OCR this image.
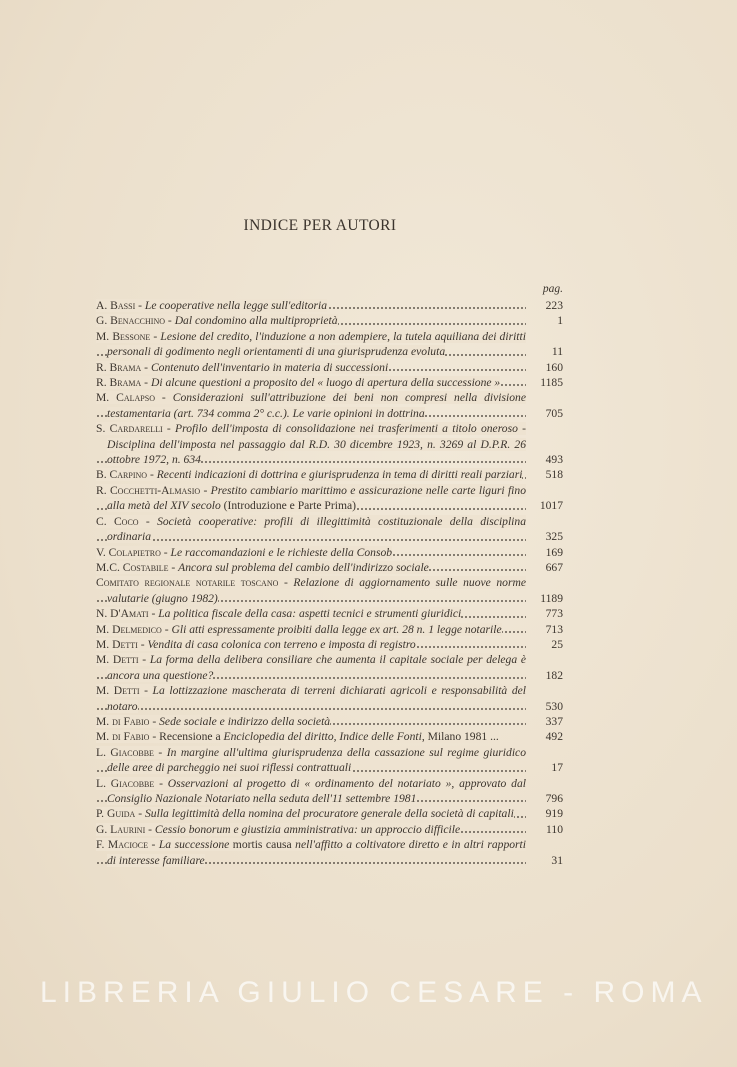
INDICE PER AUTORI
pag.
A. Bassi - Le cooperative nella legge sull'editoria	223
G. Benacchino - Dal condomino alla multiproprietà	1
M. Bessone - Lesione del credito, l'induzione a non adempiere, la tutela aquiliana dei diritti personali di godimento negli orientamenti di una giurisprudenza evoluta	11
R. Brama - Contenuto dell'inventario in materia di successioni	160
R. Brama - Di alcune questioni a proposito del « luogo di apertura della successione »	1185
M. Calapso - Considerazioni sull'attribuzione dei beni non compresi nella divisione testamentaria (art. 734 comma 2° c.c.). Le varie opinioni in dottrina	705
S. Cardarelli - Profilo dell'imposta di consolidazione nei trasferimenti a titolo oneroso - Disciplina dell'imposta nel passaggio dal R.D. 30 dicembre 1923, n. 3269 al D.P.R. 26 ottobre 1972, n. 634	493
B. Carpino - Recenti indicazioni di dottrina e giurisprudenza in tema di diritti reali parziari	518
R. Cocchetti-Almasio - Prestito cambiario marittimo e assicurazione nelle carte liguri fino alla metà del XIV secolo (Introduzione e Parte Prima)	1017
C. Coco - Società cooperative: profili di illegittimità costituzionale della disciplina ordinaria	325
V. Colapietro - Le raccomandazioni e le richieste della Consob	169
M.C. Costabile - Ancora sul problema del cambio dell'indirizzo sociale	667
Comitato regionale notarile toscano - Relazione di aggiornamento sulle nuove norme valutarie (giugno 1982)	1189
N. D'Amati - La politica fiscale della casa: aspetti tecnici e strumenti giuridici	773
M. Delmedico - Gli atti espressamente proibiti dalla legge ex art. 28 n. 1 legge notarile	713
M. Detti - Vendita di casa colonica con terreno e imposta di registro	25
M. Detti - La forma della delibera consiliare che aumenta il capitale sociale per delega è ancora una questione?	182
M. Detti - La lottizzazione mascherata di terreni dichiarati agricoli e responsabilità del notaro	530
M. di Fabio - Sede sociale e indirizzo della società	337
M. di Fabio - Recensione a Enciclopedia del diritto, Indice delle Fonti, Milano 1981 ...	492
L. Giacobbe - In margine all'ultima giurisprudenza della cassazione sul regime giuridico delle aree di parcheggio nei suoi riflessi contrattuali	17
L. Giacobbe - Osservazioni al progetto di « ordinamento del notariato », approvato dal Consiglio Nazionale Notariato nella seduta dell'11 settembre 1981	796
P. Guida - Sulla legittimità della nomina del procuratore generale della società di capitali	919
G. Laurini - Cessio bonorum e giustizia amministrativa: un approccio difficile	110
F. Macioce - La successione mortis causa nell'affitto a coltivatore diretto e in altri rapporti di interesse familiare	31
LIBRERIA GIULIO CESARE - ROMA
